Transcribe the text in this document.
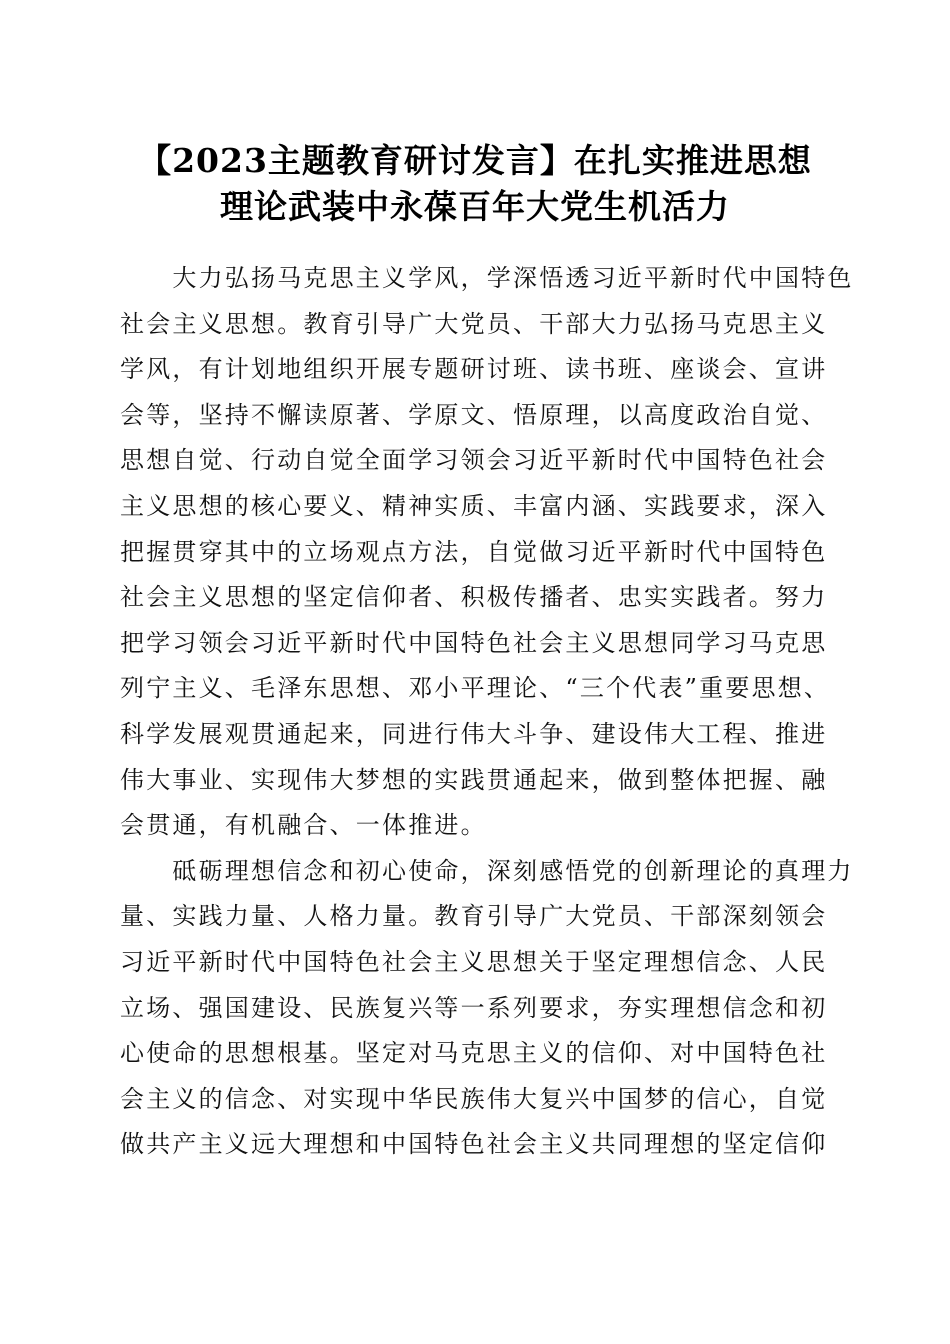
【2023主题教育研讨发言】在扎实推进思想
理论武装中永葆百年大党生机活力
　　大力弘扬马克思主义学风，学深悟透习近平新时代中国特色
社会主义思想。教育引导广大党员、干部大力弘扬马克思主义
学风，有计划地组织开展专题研讨班、读书班、座谈会、宣讲
会等，坚持不懈读原著、学原文、悟原理，以高度政治自觉、
思想自觉、行动自觉全面学习领会习近平新时代中国特色社会
主义思想的核心要义、精神实质、丰富内涵、实践要求，深入
把握贯穿其中的立场观点方法，自觉做习近平新时代中国特色
社会主义思想的坚定信仰者、积极传播者、忠实实践者。努力
把学习领会习近平新时代中国特色社会主义思想同学习马克思
列宁主义、毛泽东思想、邓小平理论、“三个代表”重要思想、
科学发展观贯通起来，同进行伟大斗争、建设伟大工程、推进
伟大事业、实现伟大梦想的实践贯通起来，做到整体把握、融
会贯通，有机融合、一体推进。
　　砥砺理想信念和初心使命，深刻感悟党的创新理论的真理力
量、实践力量、人格力量。教育引导广大党员、干部深刻领会
习近平新时代中国特色社会主义思想关于坚定理想信念、人民
立场、强国建设、民族复兴等一系列要求，夯实理想信念和初
心使命的思想根基。坚定对马克思主义的信仰、对中国特色社
会主义的信念、对实现中华民族伟大复兴中国梦的信心，自觉
做共产主义远大理想和中国特色社会主义共同理想的坚定信仰
